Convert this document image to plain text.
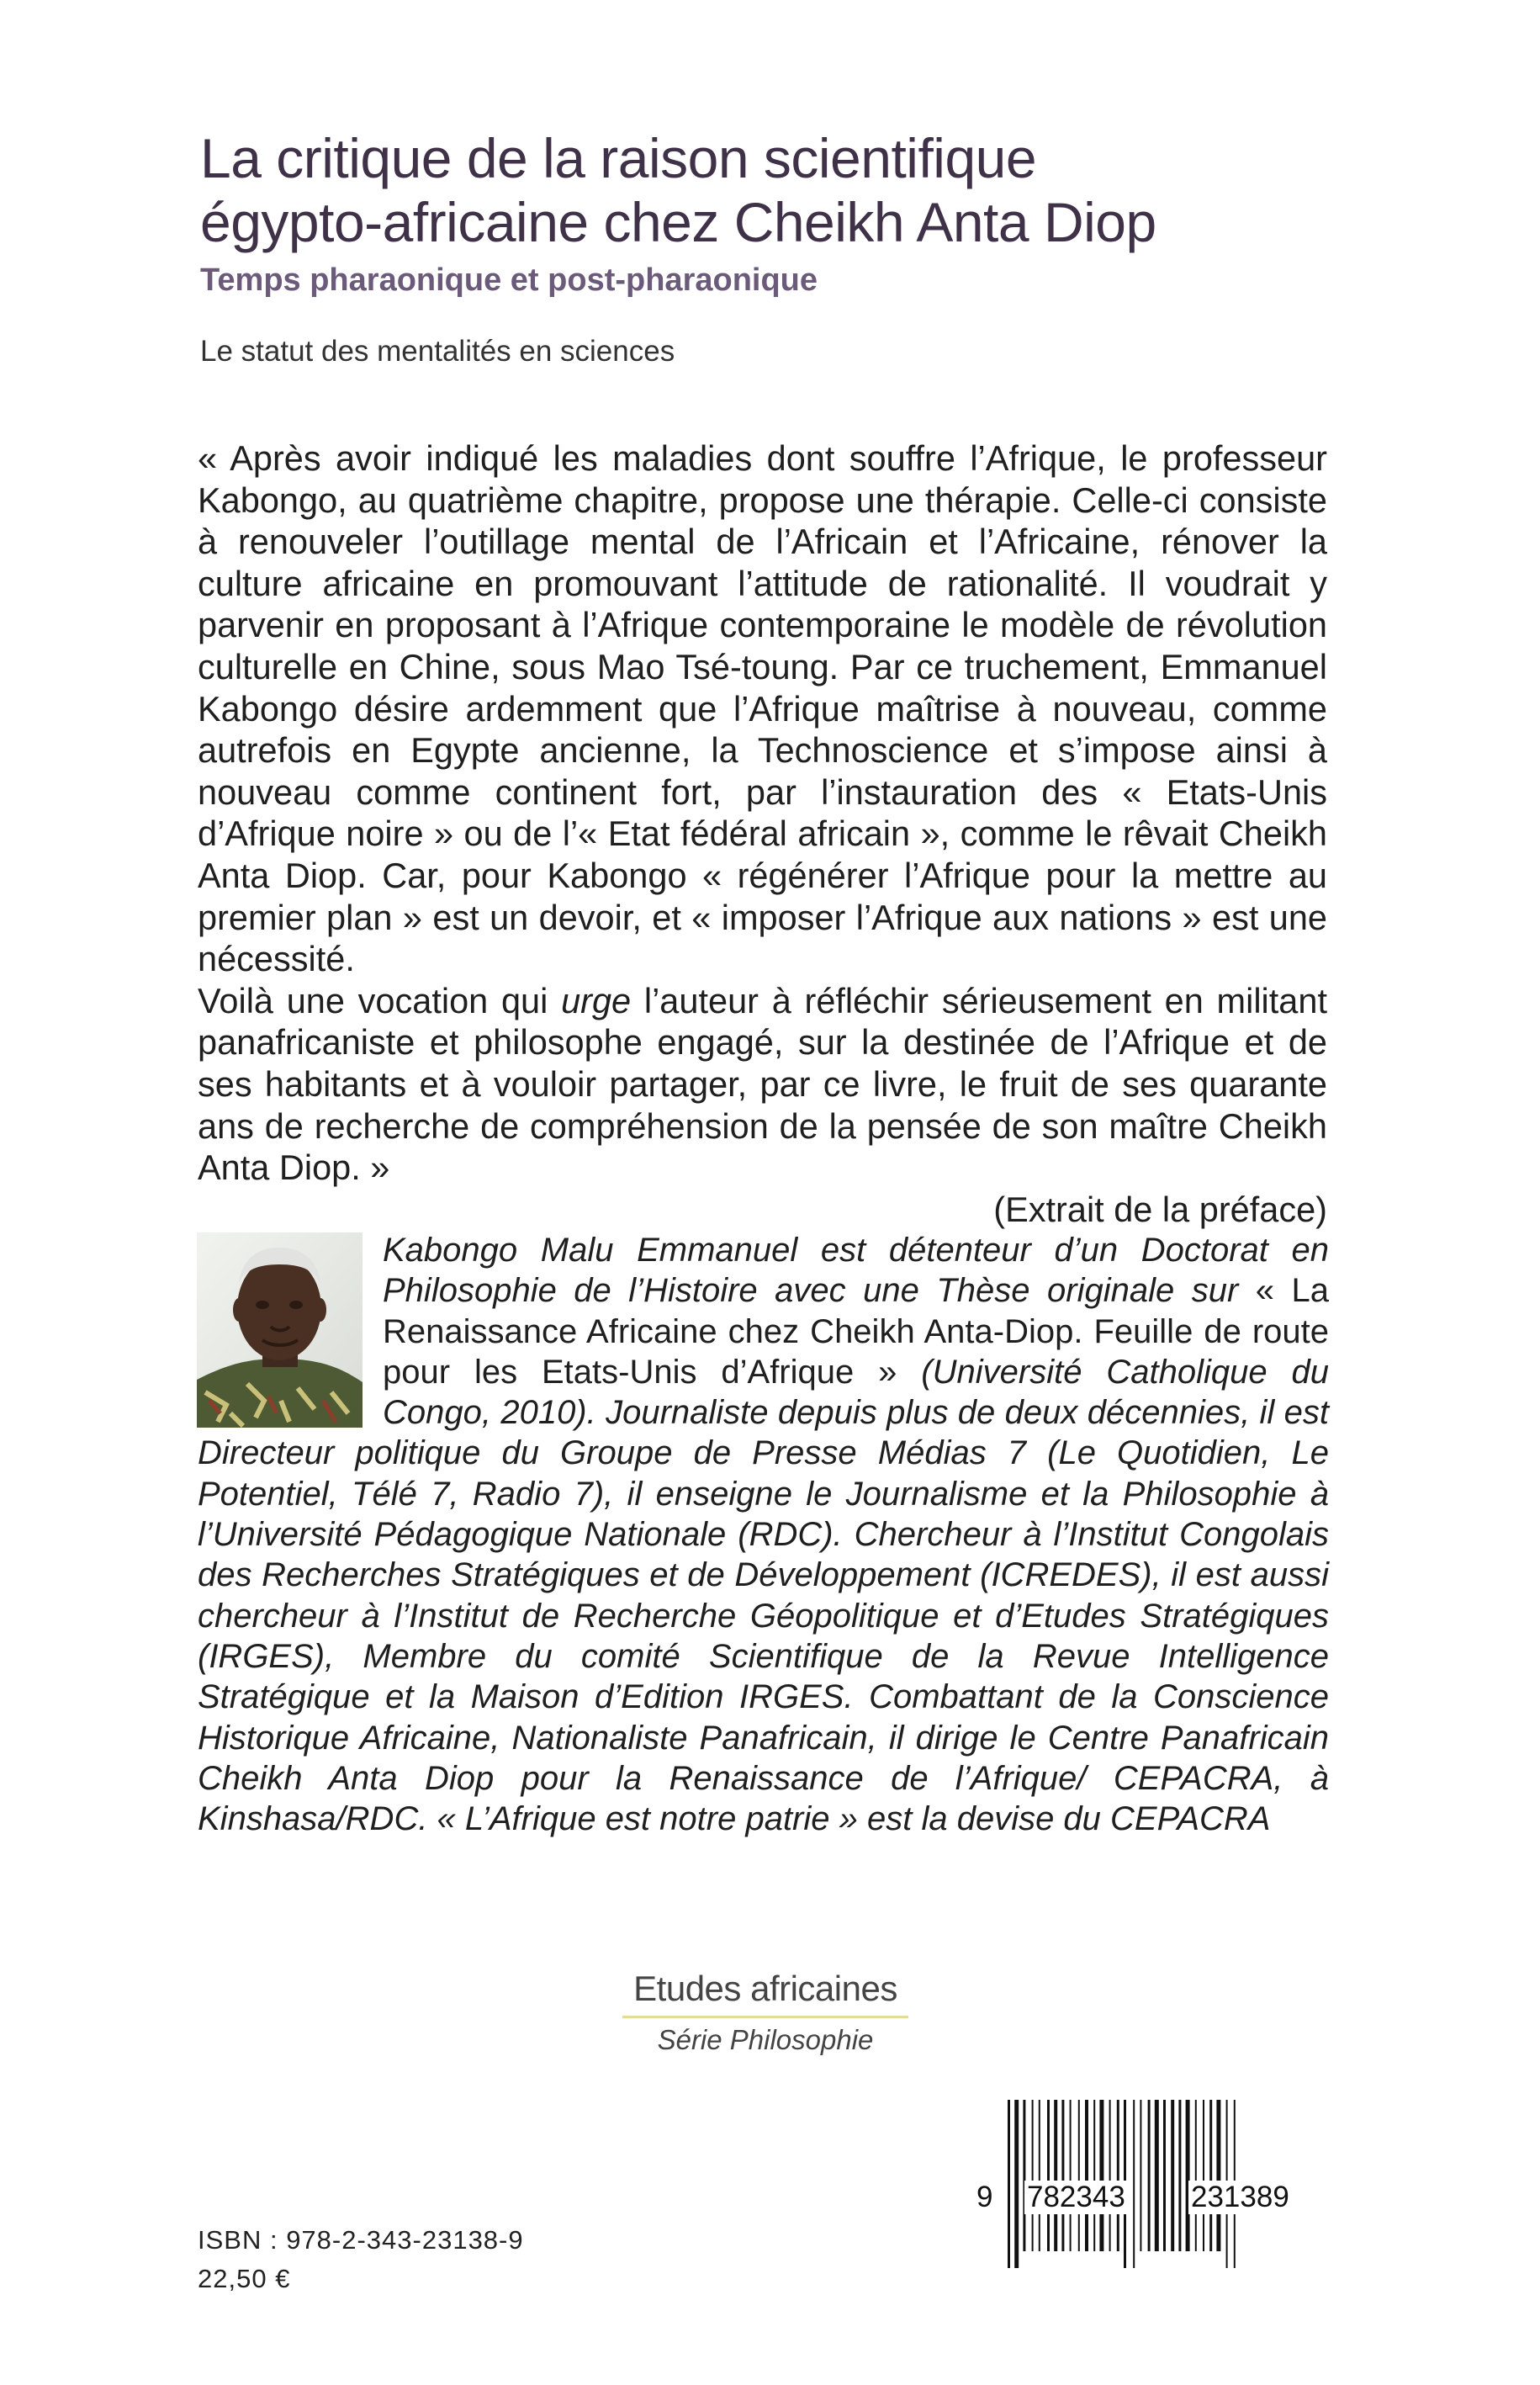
La critique de la raison scientifique
égypto-africaine chez Cheikh Anta Diop
Temps pharaonique et post-pharaonique
Le statut des mentalités en sciences

« Après avoir indiqué les maladies dont souffre l’Afrique, le professeur Kabongo, au quatrième chapitre, propose une thérapie. Celle-ci consiste à renouveler l’outillage mental de l’Africain et l’Africaine, rénover la culture africaine en promouvant l’attitude de rationalité. Il voudrait y parvenir en proposant à l’Afrique contemporaine le modèle de révolution culturelle en Chine, sous Mao Tsé-toung. Par ce truchement, Emmanuel Kabongo désire ardemment que l’Afrique maîtrise à nouveau, comme autrefois en Egypte ancienne, la Technoscience et s’impose ainsi à nouveau comme continent fort, par l’instauration des « Etats-Unis d’Afrique noire » ou de l’« Etat fédéral africain », comme le rêvait Cheikh Anta Diop. Car, pour Kabongo « régénérer l’Afrique pour la mettre au premier plan » est un devoir, et « imposer l’Afrique aux nations » est une nécessité.

Voilà une vocation qui urge l’auteur à réfléchir sérieusement en militant panafricaniste et philosophe engagé, sur la destinée de l’Afrique et de ses habitants et à vouloir partager, par ce livre, le fruit de ses quarante ans de recherche de compréhension de la pensée de son maître Cheikh Anta Diop. »

(Extrait de la préface)

Kabongo Malu Emmanuel est détenteur d’un Doctorat en Philosophie de l’Histoire avec une Thèse originale sur « La Renaissance Africaine chez Cheikh Anta-Diop. Feuille de route pour les Etats-Unis d’Afrique » (Université Catholique du Congo, 2010). Journaliste depuis plus de deux décennies, il est Directeur politique du Groupe de Presse Médias 7 (Le Quotidien, Le Potentiel, Télé 7, Radio 7), il enseigne le Journalisme et la Philosophie à l’Université Pédagogique Nationale (RDC). Chercheur à l’Institut Congolais des Recherches Stratégiques et de Développement (ICREDES), il est aussi chercheur à l’Institut de Recherche Géopolitique et d’Etudes Stratégiques (IRGES), Membre du comité Scientifique de la Revue Intelligence Stratégique et la Maison d’Edition IRGES. Combattant de la Conscience Historique Africaine, Nationaliste Panafricain, il dirige le Centre Panafricain Cheikh Anta Diop pour la Renaissance de l’Afrique/ CEPACRA, à Kinshasa/RDC. « L’Afrique est notre patrie » est la devise du CEPACRA
Etudes africaines
Série Philosophie
ISBN : 978-2-343-23138-9
22,50 €
9 782343 231389
